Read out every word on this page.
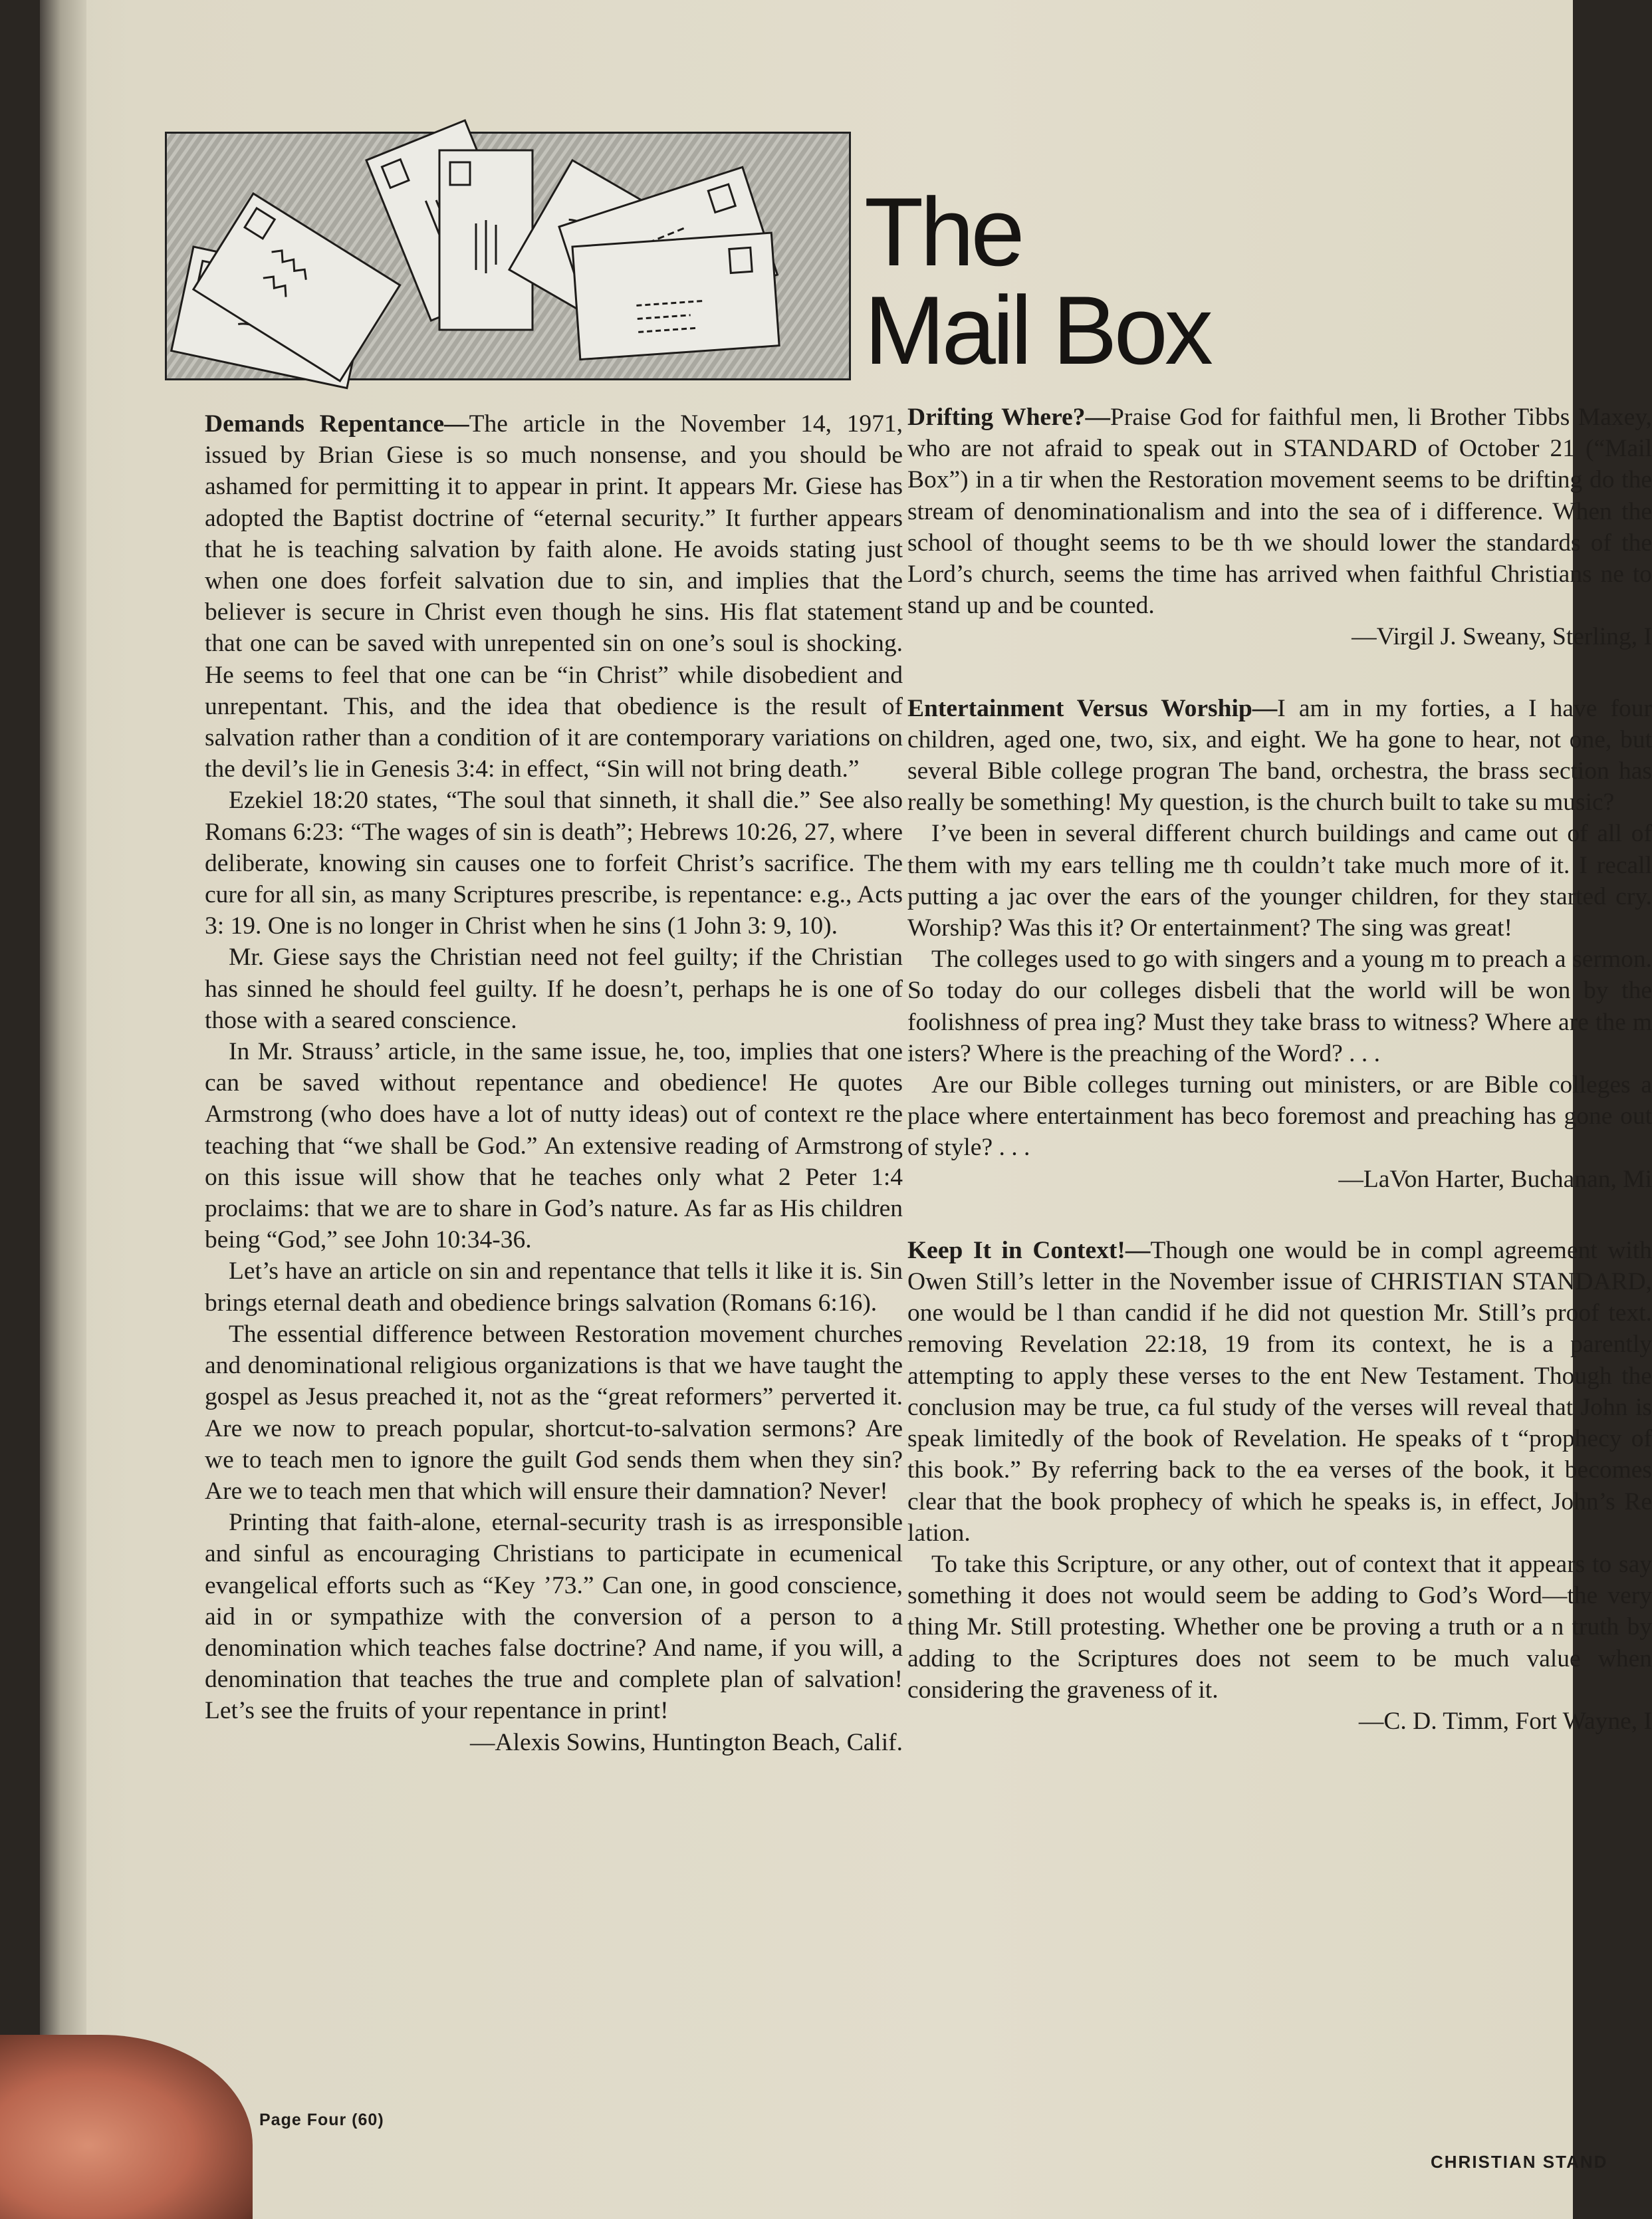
The
Mail Box

Demands Repentance—The article in the November 14, 1971, issued by Brian Giese is so much nonsense, and you should be ashamed for permitting it to appear in print. It appears Mr. Giese has adopted the Baptist doctrine of “eternal security.” It further appears that he is teaching salvation by faith alone. He avoids stating just when one does forfeit salvation due to sin, and implies that the believer is secure in Christ even though he sins. His flat statement that one can be saved with unrepented sin on one’s soul is shocking. He seems to feel that one can be “in Christ” while disobedient and unrepentant. This, and the idea that obedience is the result of salvation rather than a condition of it are contemporary variations on the devil’s lie in Genesis 3:4: in effect, “Sin will not bring death.”

Ezekiel 18:20 states, “The soul that sinneth, it shall die.” See also Romans 6:23: “The wages of sin is death”; Hebrews 10:26, 27, where deliberate, knowing sin causes one to forfeit Christ’s sacrifice. The cure for all sin, as many Scriptures prescribe, is repentance: e.g., Acts 3: 19. One is no longer in Christ when he sins (1 John 3: 9, 10).

Mr. Giese says the Christian need not feel guilty; if the Christian has sinned he should feel guilty. If he doesn’t, perhaps he is one of those with a seared conscience.

In Mr. Strauss’ article, in the same issue, he, too, implies that one can be saved without repentance and obedience! He quotes Armstrong (who does have a lot of nutty ideas) out of context re the teaching that “we shall be God.” An extensive reading of Armstrong on this issue will show that he teaches only what 2 Peter 1:4 proclaims: that we are to share in God’s nature. As far as His children being “God,” see John 10:34-36.

Let’s have an article on sin and repentance that tells it like it is. Sin brings eternal death and obedience brings salvation (Romans 6:16).

The essential difference between Restoration movement churches and denominational religious organizations is that we have taught the gospel as Jesus preached it, not as the “great reformers” perverted it. Are we now to preach popular, shortcut-to-salvation sermons? Are we to teach men to ignore the guilt God sends them when they sin? Are we to teach men that which will ensure their damnation? Never!

Printing that faith-alone, eternal-security trash is as irresponsible and sinful as encouraging Christians to participate in ecumenical evangelical efforts such as “Key ’73.” Can one, in good conscience, aid in or sympathize with the conversion of a person to a denomination which teaches false doctrine? And name, if you will, a denomination that teaches the true and complete plan of salvation! Let’s see the fruits of your repentance in print!

—Alexis Sowins, Huntington Beach, Calif.

Drifting Where?—Praise God for faithful men, li Brother Tibbs Maxey, who are not afraid to speak out in STANDARD of October 21 (“Mail Box”) in a tir when the Restoration movement seems to be drifting do the stream of denominationalism and into the sea of i difference. When the school of thought seems to be th we should lower the standards of the Lord’s church, seems the time has arrived when faithful Christians ne to stand up and be counted.

—Virgil J. Sweany, Sterling, I

Entertainment Versus Worship—I am in my forties, a I have four children, aged one, two, six, and eight. We ha gone to hear, not one, but several Bible college progran The band, orchestra, the brass section has really be something! My question, is the church built to take su music?

I’ve been in several different church buildings and came out of all of them with my ears telling me th couldn’t take much more of it. I recall putting a jac over the ears of the younger children, for they started cry. Worship? Was this it? Or entertainment? The sing was great!

The colleges used to go with singers and a young m to preach a sermon. So today do our colleges disbeli that the world will be won by the foolishness of prea ing? Must they take brass to witness? Where are the m isters? Where is the preaching of the Word? . . .

Are our Bible colleges turning out ministers, or are Bible colleges a place where entertainment has beco foremost and preaching has gone out of style? . . .

—LaVon Harter, Buchanan, Mi

Keep It in Context!—Though one would be in compl agreement with Owen Still’s letter in the November issue of CHRISTIAN STANDARD, one would be l than candid if he did not question Mr. Still’s proof text. removing Revelation 22:18, 19 from its context, he is a parently attempting to apply these verses to the ent New Testament. Though the conclusion may be true, ca ful study of the verses will reveal that John is speak limitedly of the book of Revelation. He speaks of t “prophecy of this book.” By referring back to the ea verses of the book, it becomes clear that the book prophecy of which he speaks is, in effect, John’s Re lation.

To take this Scripture, or any other, out of context that it appears to say something it does not would seem be adding to God’s Word—the very thing Mr. Still protesting. Whether one be proving a truth or a n truth by adding to the Scriptures does not seem to be much value when considering the graveness of it.

—C. D. Timm, Fort Wayne, I

Page Four (60)
CHRISTIAN STAND
